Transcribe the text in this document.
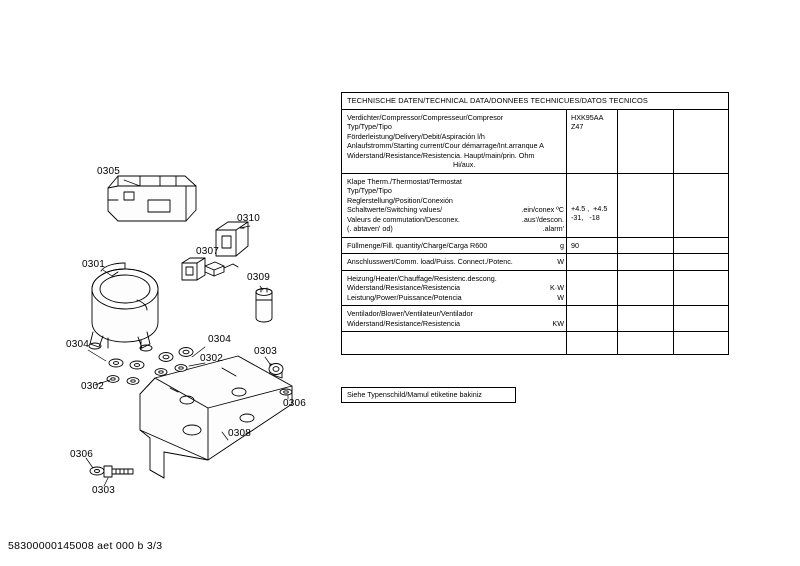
0305
0310
0307
0301
0309
0304
0304
0302
0303
0302
0306
0308
0306
0303
TECHNISCHE DATEN/TECHNICAL DATA/DONNEES TECHNICUES/DATOS TECNICOS
Verdichter/Compressor/Compresseur/Compresor
Typ/Type/Tipo
Förderleistung/Delivery/Debit/Aspiración l/h
Anlaufstromm/Starting current/Cour démarrage/Int.arranque A
Widerstand/Resistance/Resistencia. Haupt/main/prin. Ohm
Hi/aux.
HXK95AA
Z47
Klape Therm./Thermostat/Termostat
Typ/Type/Tipo
Reglerstellung/Position/Conexión
Schaltwerte/Switching values/	.ein/conex ºC
Valeurs de commutation/Desconex.	.aus'/descon.
(. abtaven' od)	.alarm'
+4.5 ,  +4.5
-31,   -18
Füllmenge/Fill. quantity/Charge/Carga R600	g 90
Anschlusswert/Comm. load/Puiss. Connect./Potenc.	W
Heizung/Heater/Chauffage/Resistenc.descong.
Widerstand/Resistance/Resistencia	K·W
Leistung/Power/Puissance/Potencia	W
Ventilador/Blower/Ventilateur/Ventilador
Widerstand/Resistance/Resistencia	KW
Siehe Typenschild/Mamul etiketine bakiniz
58300000145008 aet 000 b 3/3
